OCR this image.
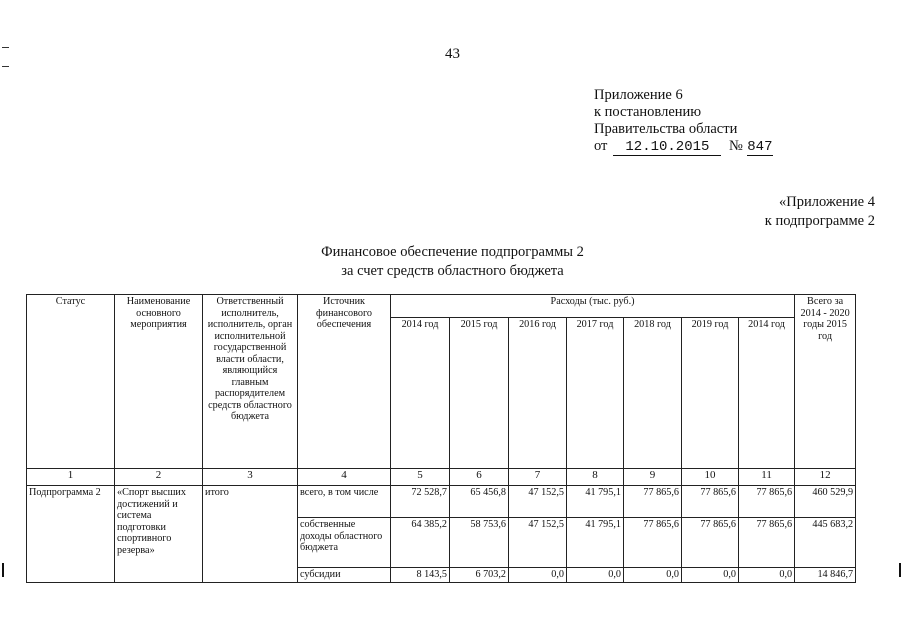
43
Приложение 6
к постановлению
Правительства области
от 12.10.2015 № 847
«Приложение 4
к подпрограмме 2
Финансовое обеспечение подпрограммы 2
за счет средств областного бюджета
Статус	Наименование основного мероприятия	Ответственный исполнитель, исполнитель, орган исполнительной государственной власти области, являющийся главным распорядителем средств областного бюджета	Источник финансового обеспечения	Расходы (тыс. руб.)							Всего за 2014 - 2020 годы 2015 год
				2014 год	2015 год	2016 год	2017 год	2018 год	2019 год	2014 год	
1	2	3	4	5	6	7	8	9	10	11	12
Подпрограмма 2	«Спорт высших достижений и система подготовки спортивного резерва»	итого	всего, в том числе	72 528,7	65 456,8	47 152,5	41 795,1	77 865,6	77 865,6	77 865,6	460 529,9
			собственные доходы областного бюджета	64 385,2	58 753,6	47 152,5	41 795,1	77 865,6	77 865,6	77 865,6	445 683,2
			субсидии	8 143,5	6 703,2	0,0	0,0	0,0	0,0	0,0	14 846,7
